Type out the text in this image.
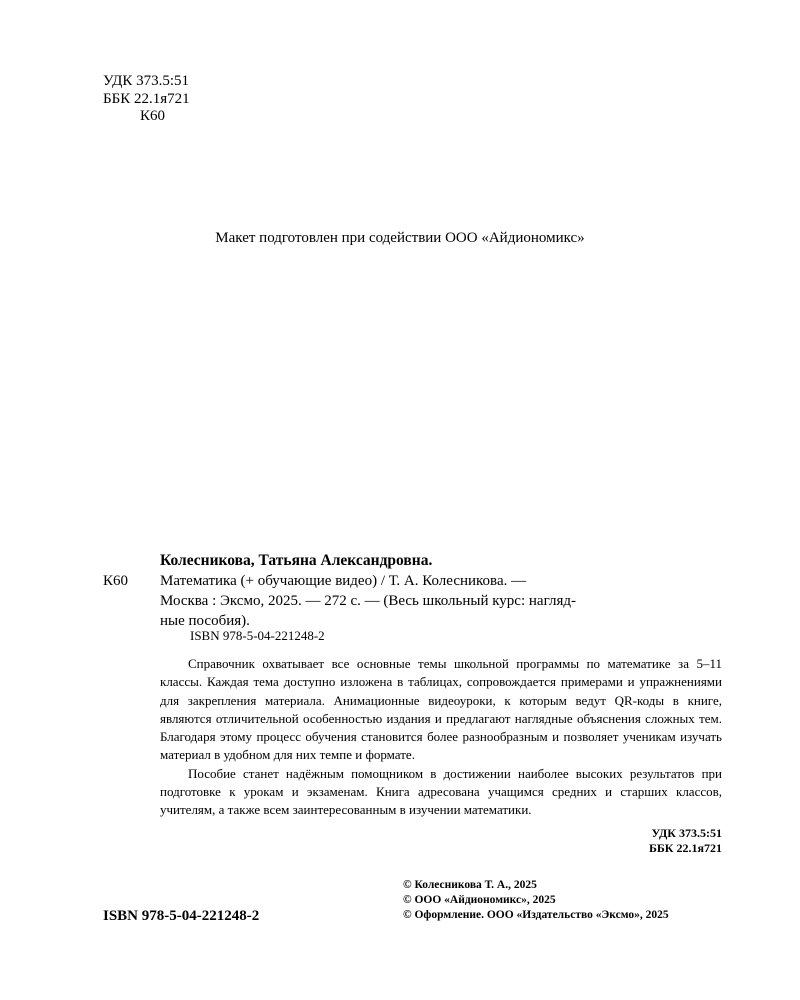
УДК 373.5:51
ББК 22.1я721
К60
Макет подготовлен при содействии ООО «Айдиономикс»
Колесникова, Татьяна Александровна.
К60	Математика (+ обучающие видео) / Т. А. Колесникова. —
Москва : Эксмо, 2025. — 272 с. — (Весь школьный курс: нагляд-
ные пособия).
ISBN 978-5-04-221248-2

Справочник охватывает все основные темы школьной программы по математике за 5–11 классы. Каждая тема доступно изложена в таблицах, сопровождается примерами и упражнениями для закрепления материала. Анимационные видеоуроки, к которым ведут QR-коды в книге, являются отличительной особенностью издания и предлагают наглядные объяснения сложных тем. Благодаря этому процесс обучения становится более разнообразным и позволяет ученикам изучать материал в удобном для них темпе и формате.

Пособие станет надёжным помощником в достижении наиболее высоких результатов при подготовке к урокам и экзаменам. Книга адресована учащимся средних и старших классов, учителям, а также всем заинтересованным в изучении математики.

УДК 373.5:51
ББК 22.1я721
© Колесникова Т. А., 2025
© ООО «Айдиономикс», 2025
© Оформление. ООО «Издательство «Эксмо», 2025
ISBN 978-5-04-221248-2
